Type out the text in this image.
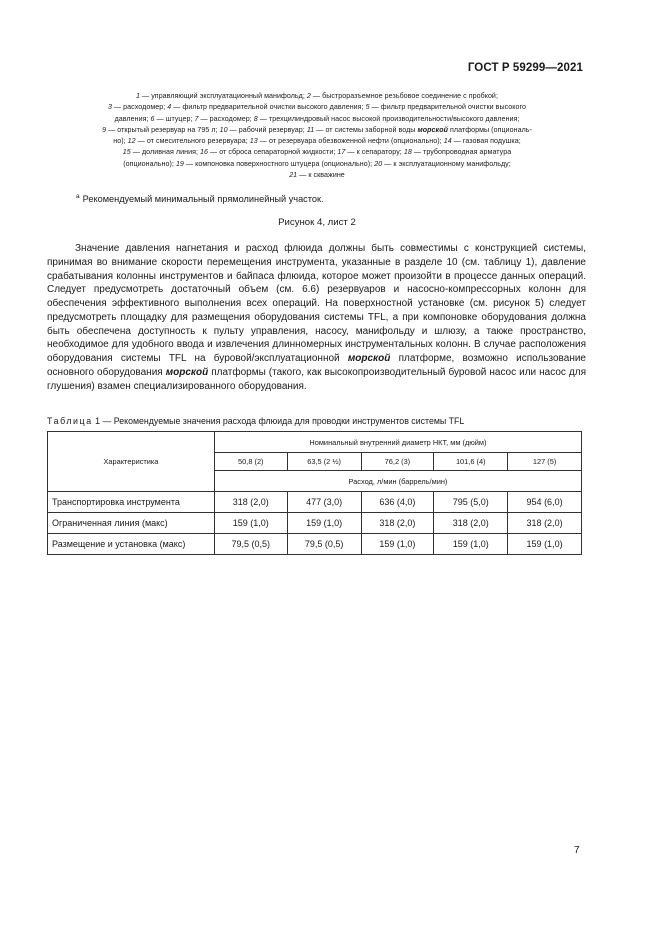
ГОСТ Р 59299—2021
1 — управляющий эксплуатационный манифольд; 2 — быстроразъемное резьбовое соединение с пробкой;
3 — расходомер; 4 — фильтр предварительной очистки высокого давления; 5 — фильтр предварительной очистки высокого
давления; 6 — штуцер; 7 — расходомер; 8 — трехцилиндровый насос высокой производительности/высокого давления;
9 — открытый резервуар на 795 л; 10 — рабочий резервуар; 11 — от системы заборной воды морской платформы (опциональ-
но); 12 — от смесительного резервуара; 13 — от резервуара обезвоженной нефти (опционально); 14 — газовая подушка;
15 — доливная линия; 16 — от сброса сепараторной жидкости; 17 — к сепаратору; 18 — трубопроводная арматура
(опционально); 19 — компоновка поверхностного штуцера (опционально); 20 — к эксплуатационному манифольду;
21 — к скважине
$^а$ Рекомендуемый минимальный прямолинейный участок.
Рисунок 4, лист 2

Значение давления нагнетания и расход флюида должны быть совместимы с конструкцией системы, принимая во внимание скорости перемещения инструмента, указанные в разделе 10 (см. таблицу 1), давление срабатывания колонны инструментов и байпаса флюида, которое может произойти в процессе данных операций. Следует предусмотреть достаточный объем (см. 6.6) резервуаров и насосно-компрессорных колонн для обеспечения эффективного выполнения всех операций. На поверхностной установке (см. рисунок 5) следует предусмотреть площадку для размещения оборудования системы TFL, а при компоновке оборудования должна быть обеспечена доступность к пульту управления, насосу, манифольду и шлюзу, а также пространство, необходимое для удобного ввода и извлечения длинномерных инструментальных колонн. В случае расположения оборудования системы TFL на буровой/эксплуатационной морской платформе, возможно использование основного оборудования морской платформы (такого, как высокопроизводительный буровой насос или насос для глушения) взамен специализированного оборудования.

Таблица 1 — Рекомендуемые значения расхода флюида для проводки инструментов системы TFL
Характеристика	Номинальный внутренний диаметр НКТ, мм (дюйм)				
	50,8 (2)	63,5 (2 ½)	76,2 (3)	101,6 (4)	127 (5)
	Расход, л/мин (баррель/мин)				
Транспортировка инструмента	318 (2,0)	477 (3,0)	636 (4,0)	795 (5,0)	954 (6,0)
Ограниченная линия (макс)	159 (1,0)	159 (1,0)	318 (2,0)	318 (2,0)	318 (2,0)
Размещение и установка (макс)	79,5 (0,5)	79,5 (0,5)	159 (1,0)	159 (1,0)	159 (1,0)
7
